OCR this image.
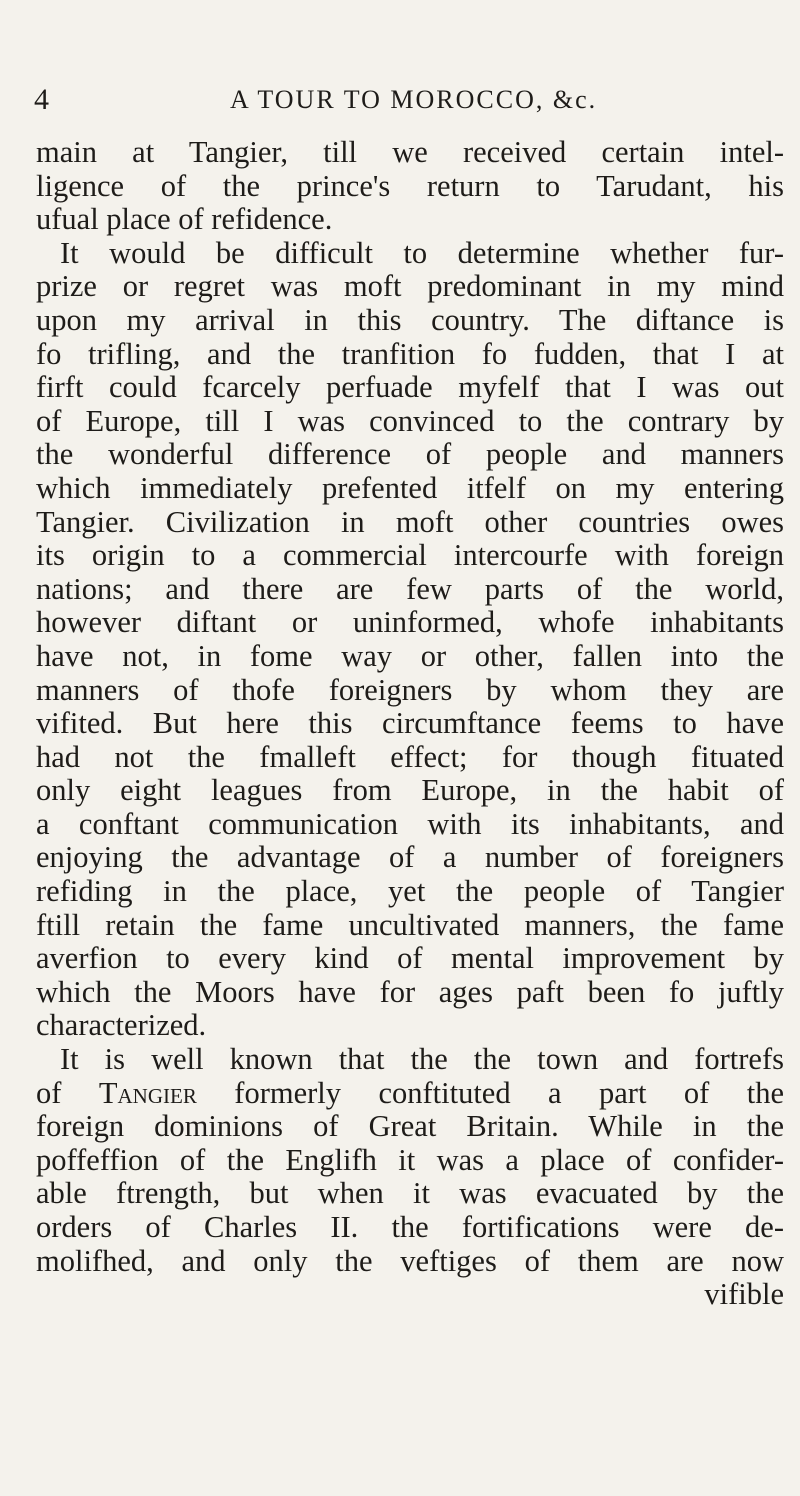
4	A TOUR TO MOROCCO, &c.
main at Tangier, till we received certain intel-
ligence of the prince's return to Tarudant, his
ufual place of refidence.
It would be difficult to determine whether fur-
prize or regret was moft predominant in my mind
upon my arrival in this country. The diftance is
fo trifling, and the tranfition fo fudden, that I at
firft could fcarcely perfuade myfelf that I was out
of Europe, till I was convinced to the contrary by
the wonderful difference of people and manners
which immediately prefented itfelf on my entering
Tangier. Civilization in moft other countries owes
its origin to a commercial intercourfe with foreign
nations; and there are few parts of the world,
however diftant or uninformed, whofe inhabitants
have not, in fome way or other, fallen into the
manners of thofe foreigners by whom they are
vifited. But here this circumftance feems to have
had not the fmalleft effect; for though fituated
only eight leagues from Europe, in the habit of
a conftant communication with its inhabitants, and
enjoying the advantage of a number of foreigners
refiding in the place, yet the people of Tangier
ftill retain the fame uncultivated manners, the fame
averfion to every kind of mental improvement by
which the Moors have for ages paft been fo juftly
characterized.
It is well known that the the town and fortrefs
of Tangier formerly conftituted a part of the
foreign dominions of Great Britain. While in the
poffeffion of the Englifh it was a place of confider-
able ftrength, but when it was evacuated by the
orders of Charles II. the fortifications were de-
molifhed, and only the veftiges of them are now
vifible
